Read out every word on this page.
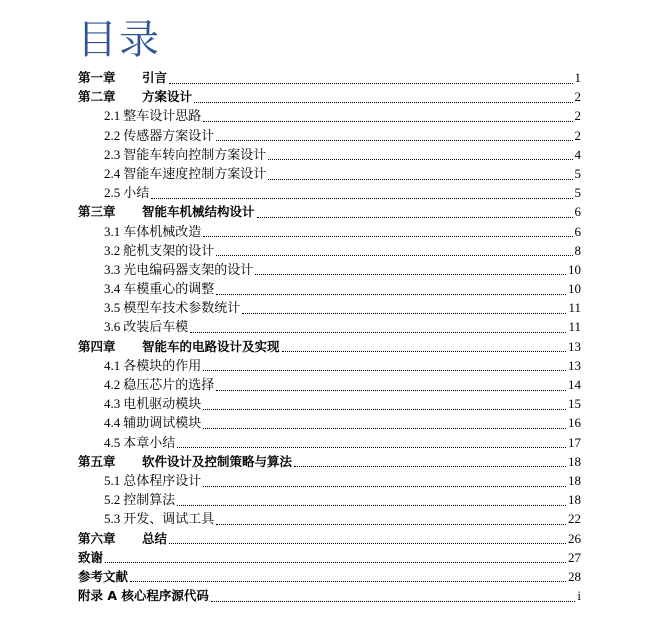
目录
第一章	引言	1
第二章	方案设计	2
2.1 整车设计思路	2
2.2 传感器方案设计	2
2.3 智能车转向控制方案设计	4
2.4 智能车速度控制方案设计	5
2.5 小结	5
第三章	智能车机械结构设计	6
3.1 车体机械改造	6
3.2 舵机支架的设计	8
3.3 光电编码器支架的设计	10
3.4 车模重心的调整	10
3.5 模型车技术参数统计	11
3.6 改装后车模	11
第四章	智能车的电路设计及实现	13
4.1 各模块的作用	13
4.2 稳压芯片的选择	14
4.3 电机驱动模块	15
4.4 辅助调试模块	16
4.5 本章小结	17
第五章	软件设计及控制策略与算法	18
5.1 总体程序设计	18
5.2 控制算法	18
5.3 开发、调试工具	22
第六章	总结	26
致谢	27
参考文献	28
附录 A 核心程序源代码	i
